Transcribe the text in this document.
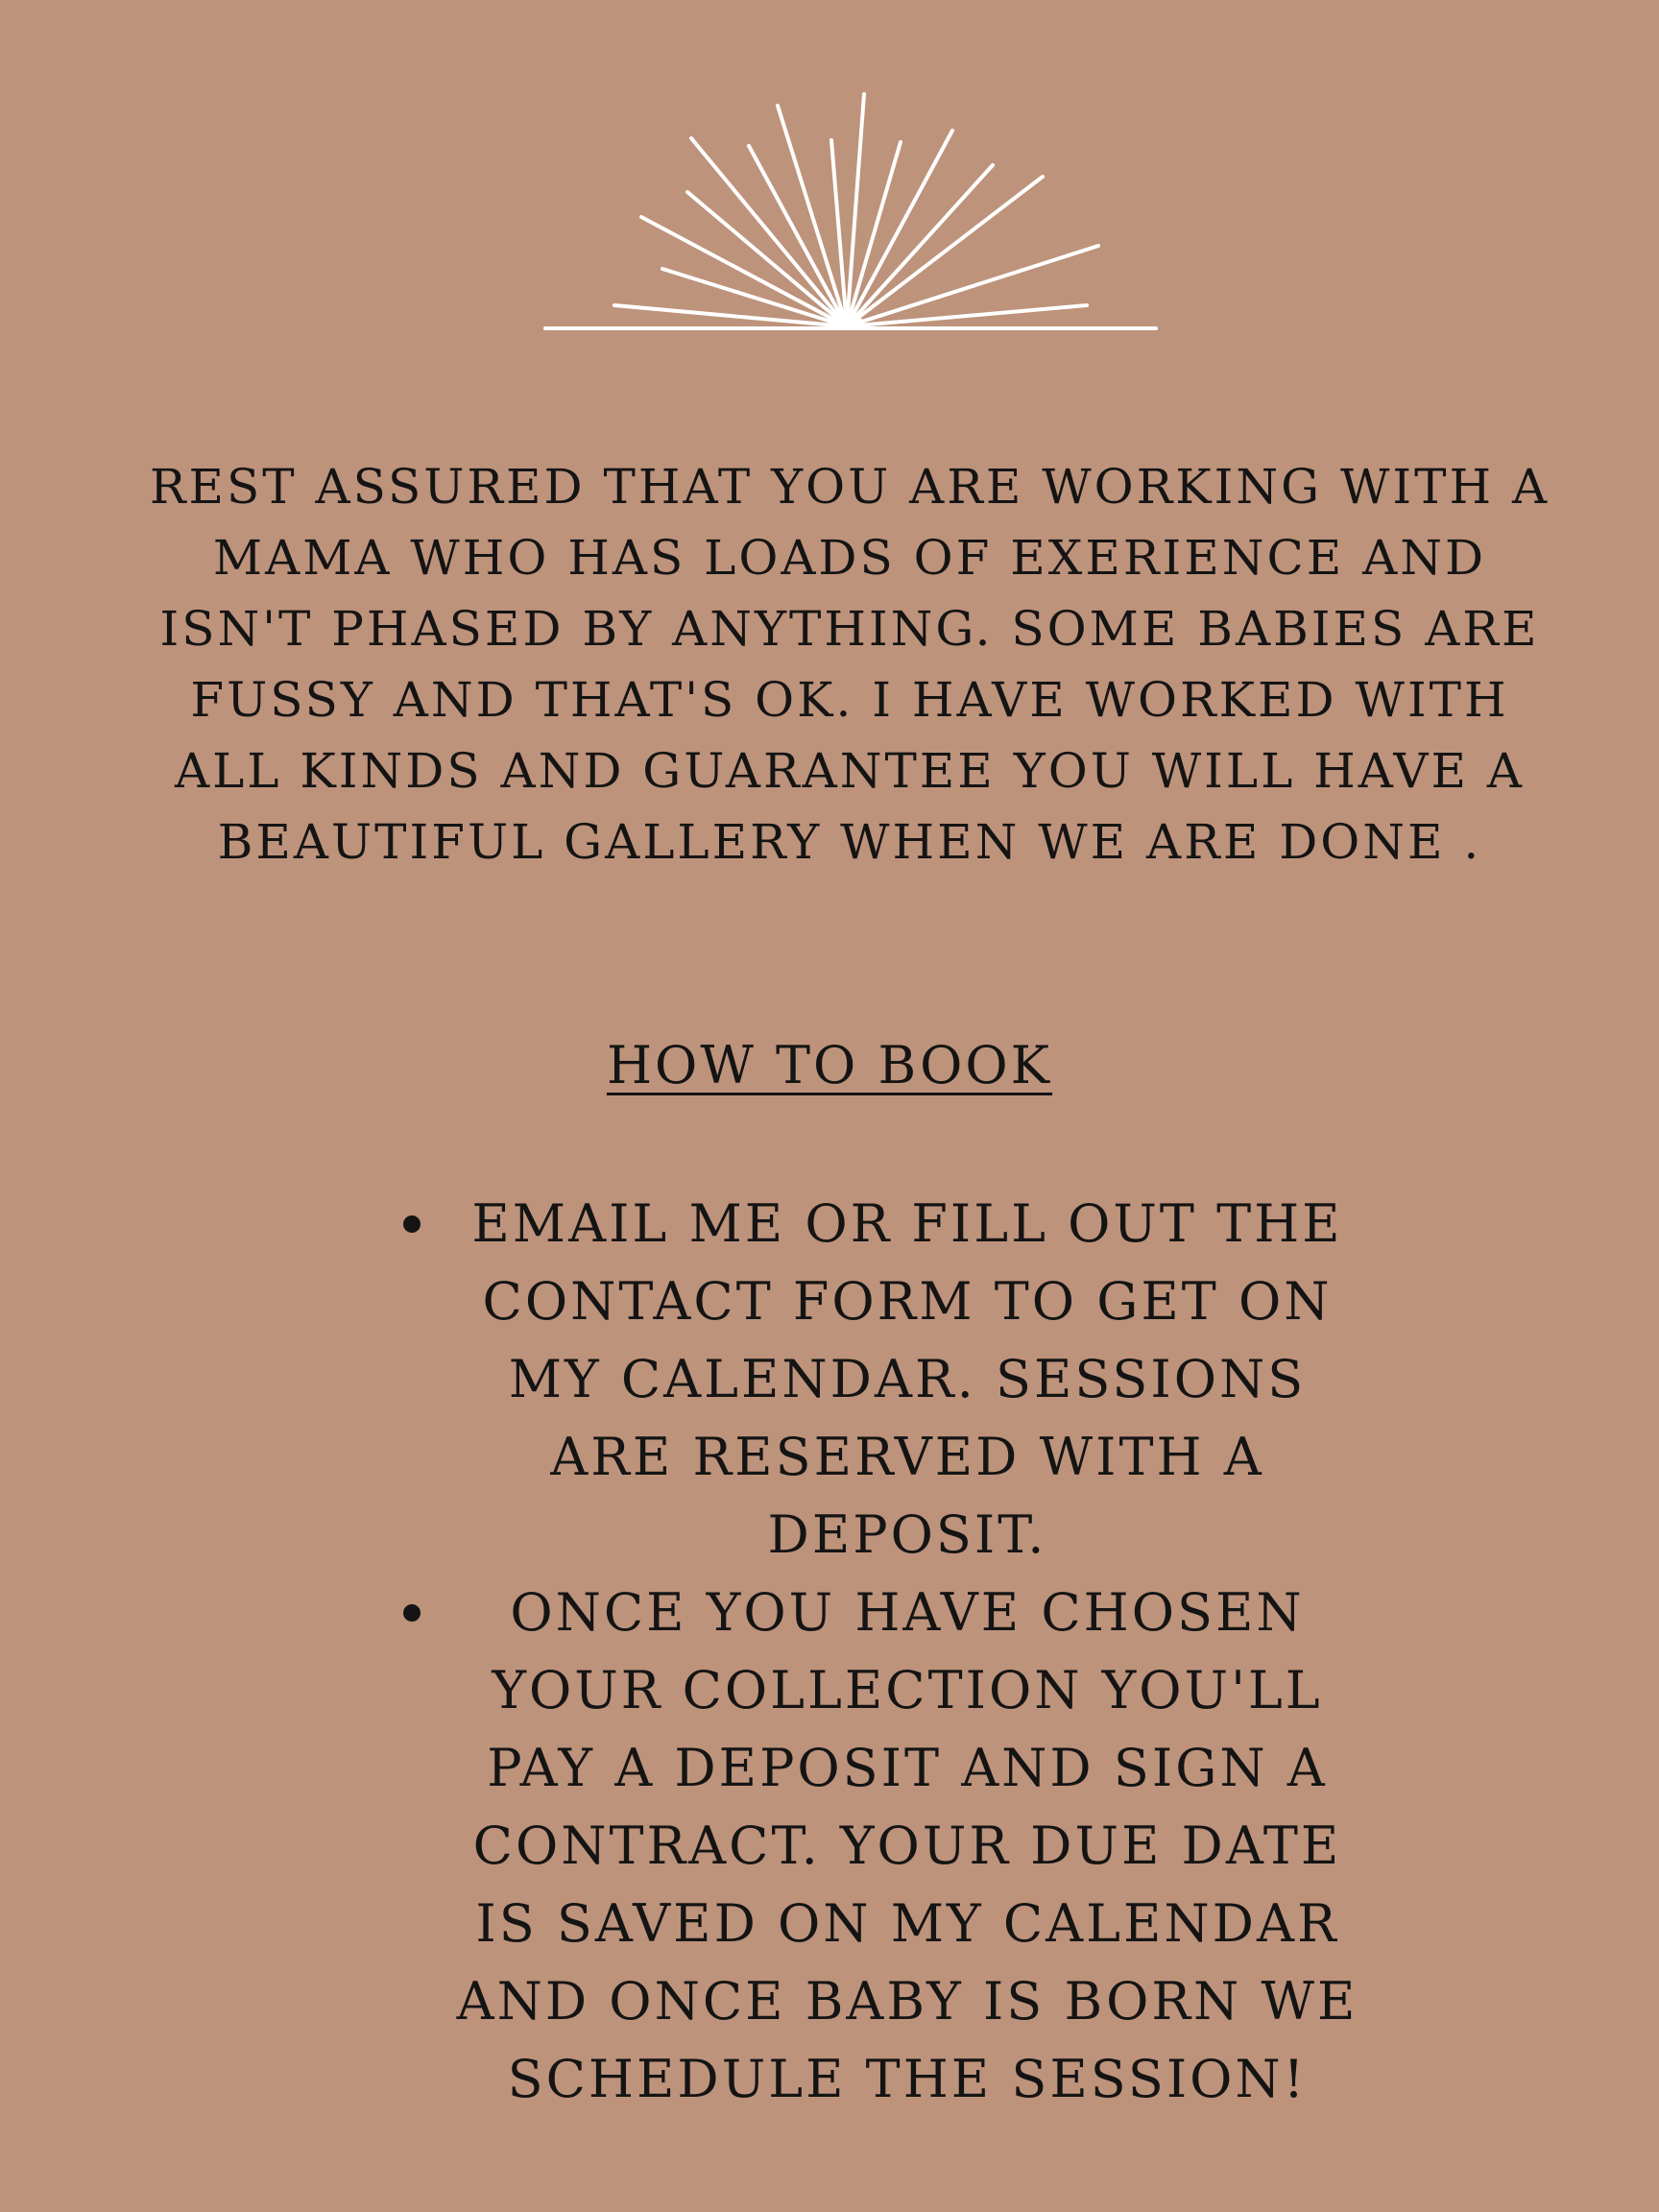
REST ASSURED THAT YOU ARE WORKING WITH A MAMA WHO HAS LOADS OF EXERIENCE AND ISN'T PHASED BY ANYTHING. SOME BABIES ARE FUSSY AND THAT'S OK. I HAVE WORKED WITH ALL KINDS AND GUARANTEE YOU WILL HAVE A BEAUTIFUL GALLERY WHEN WE ARE DONE .

HOW TO BOOK
EMAIL ME OR FILL OUT THE CONTACT FORM TO GET ON MY CALENDAR. SESSIONS ARE RESERVED WITH A DEPOSIT.
ONCE YOU HAVE CHOSEN YOUR COLLECTION YOU'LL PAY A DEPOSIT AND SIGN A CONTRACT. YOUR DUE DATE IS SAVED ON MY CALENDAR AND ONCE BABY IS BORN WE SCHEDULE THE SESSION!
